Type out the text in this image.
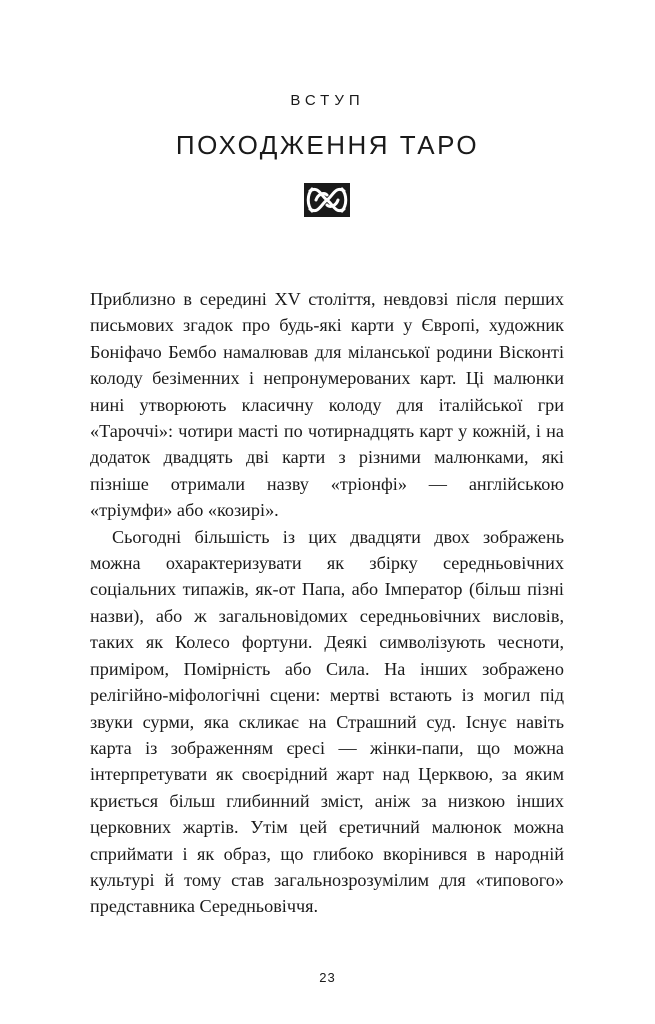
ВСТУП
ПОХОДЖЕННЯ ТАРО

Приблизно в середині XV століття, невдовзі після перших письмових згадок про будь-які карти у Європі, художник Боніфачо Бембо намалював для міланської родини Вісконті колоду безіменних і непронумерованих карт. Ці малюнки нині утворюють класичну колоду для італійської гри «Тароччі»: чотири масті по чотирнадцять карт у кожній, і на додаток двадцять дві карти з різними малюнками, які пізніше отримали назву «тріонфі» — англійською «тріумфи» або «козирі».

Сьогодні більшість із цих двадцяти двох зображень можна охарактеризувати як збірку середньовічних соціальних типажів, як-от Папа, або Імператор (більш пізні назви), або ж загальновідомих середньовічних висловів, таких як Колесо фортуни. Деякі символізують чесноти, приміром, Помірність або Сила. На інших зображено релігійно-міфологічні сцени: мертві встають із могил під звуки сурми, яка скликає на Страшний суд. Існує навіть карта із зображенням єресі — жінки-папи, що можна інтерпретувати як своєрідний жарт над Церквою, за яким криється більш глибинний зміст, аніж за низкою інших церковних жартів. Утім цей єретичний малюнок можна сприймати і як образ, що глибоко вкорінився в народній культурі й тому став загальнозрозумілим для «типового» представника Середньовіччя.

23
